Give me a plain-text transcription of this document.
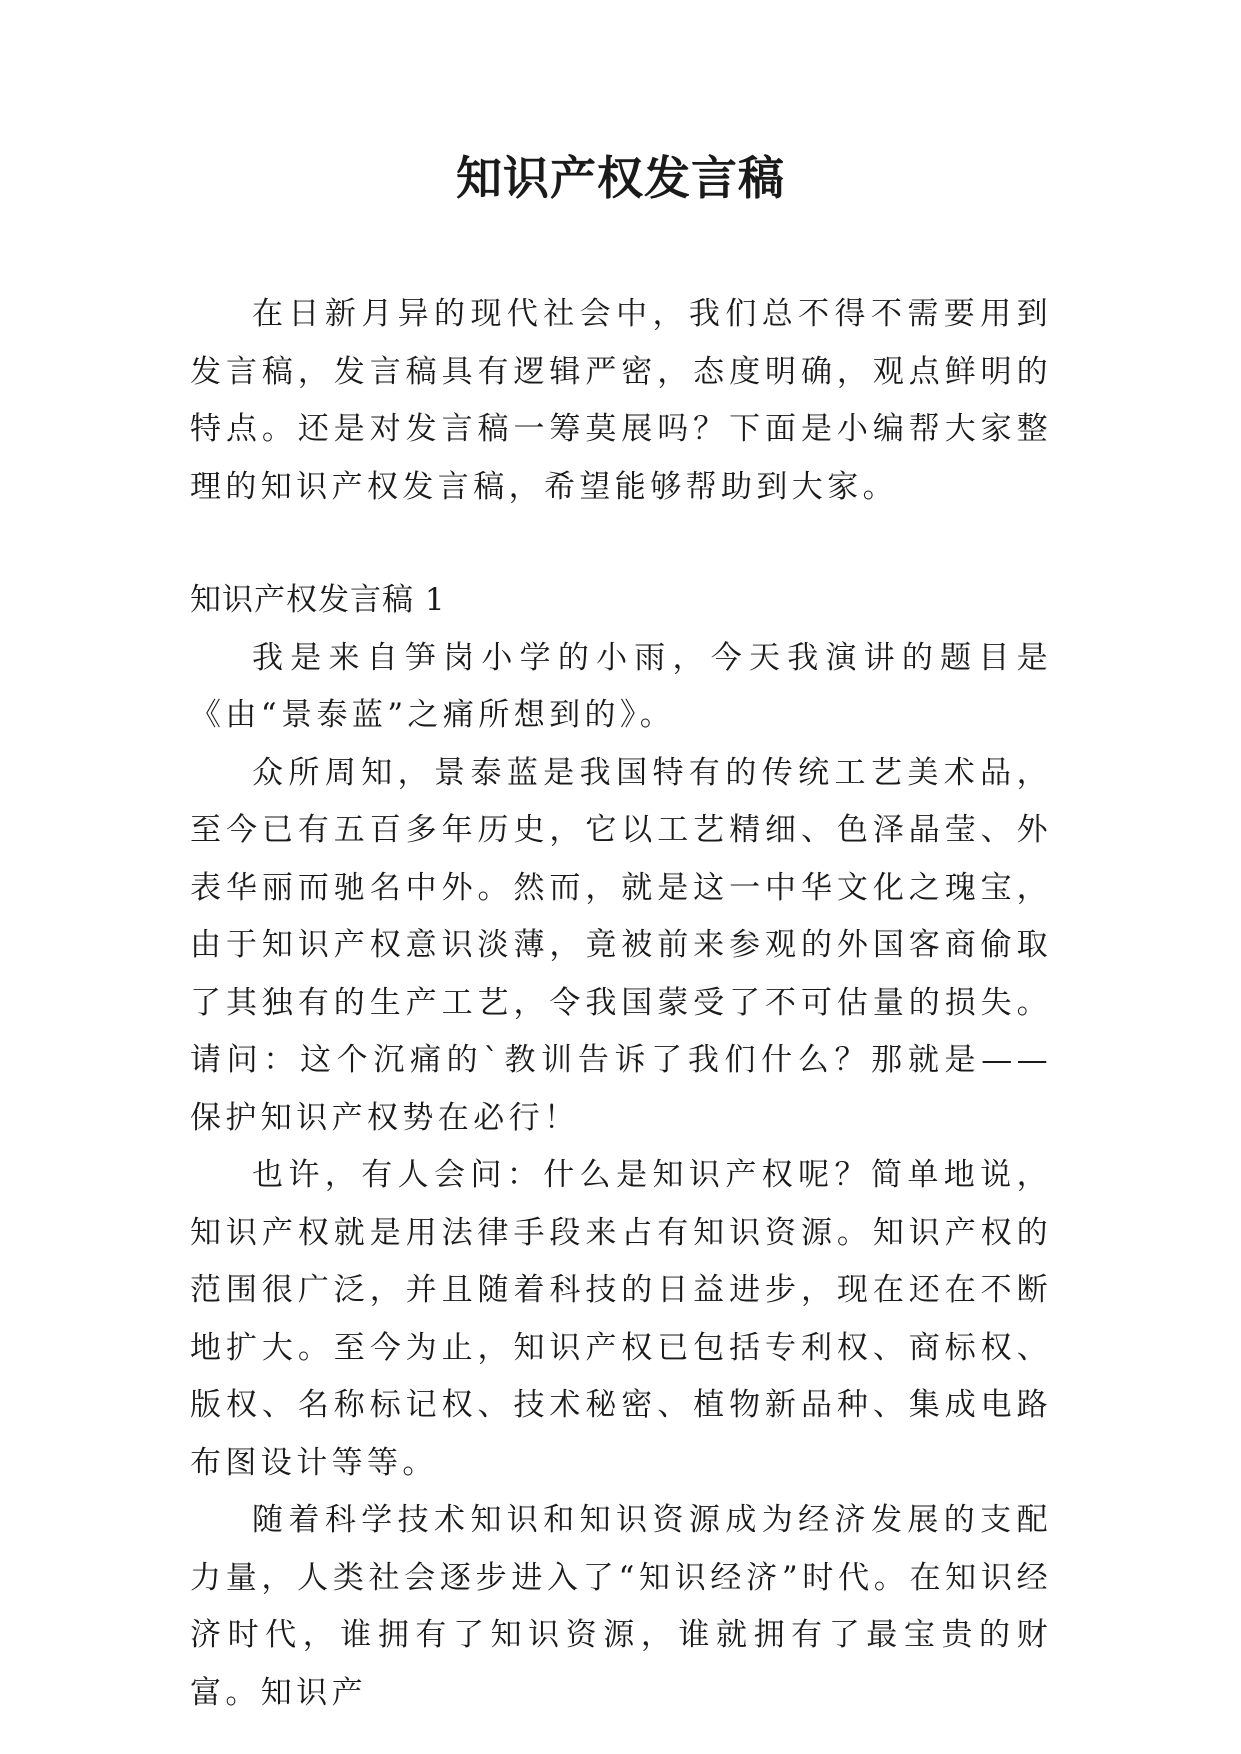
知识产权发言稿

在日新月异的现代社会中，我们总不得不需要用到发言稿，发言稿具有逻辑严密，态度明确，观点鲜明的特点。还是对发言稿一筹莫展吗？下面是小编帮大家整理的知识产权发言稿，希望能够帮助到大家。

知识产权发言稿 1

我是来自笋岗小学的小雨，今天我演讲的题目是《由“景泰蓝”之痛所想到的》。

众所周知，景泰蓝是我国特有的传统工艺美术品，至今已有五百多年历史，它以工艺精细、色泽晶莹、外表华丽而驰名中外。然而，就是这一中华文化之瑰宝，由于知识产权意识淡薄，竟被前来参观的外国客商偷取了其独有的生产工艺，令我国蒙受了不可估量的损失。请问：这个沉痛的`教训告诉了我们什么？那就是——保护知识产权势在必行！

也许，有人会问：什么是知识产权呢？简单地说，知识产权就是用法律手段来占有知识资源。知识产权的范围很广泛，并且随着科技的日益进步，现在还在不断地扩大。至今为止，知识产权已包括专利权、商标权、版权、名称标记权、技术秘密、植物新品种、集成电路布图设计等等。

随着科学技术知识和知识资源成为经济发展的支配力量，人类社会逐步进入了“知识经济”时代。在知识经济时代，谁拥有了知识资源，谁就拥有了最宝贵的财富。知识产
